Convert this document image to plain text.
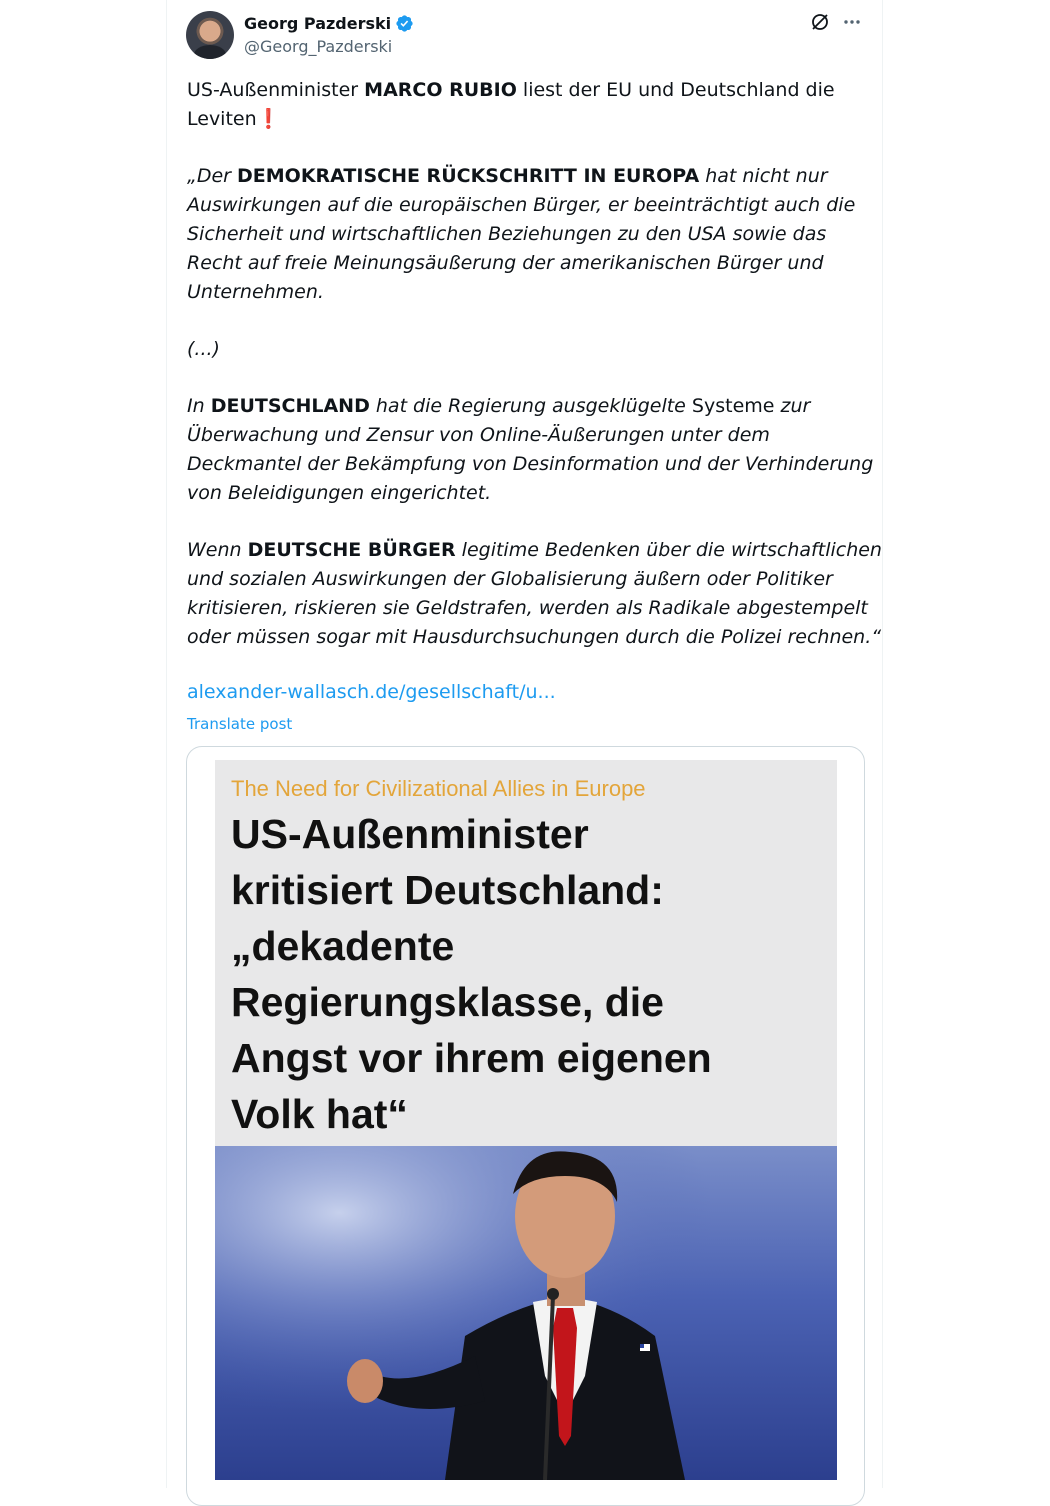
Georg Pazderski
@Georg_Pazderski

US-Außenminister MARCO RUBIO liest der EU und Deutschland die
Leviten❗

„Der DEMOKRATISCHE RÜCKSCHRITT IN EUROPA hat nicht nur
Auswirkungen auf die europäischen Bürger, er beeinträchtigt auch die
Sicherheit und wirtschaftlichen Beziehungen zu den USA sowie das
Recht auf freie Meinungsäußerung der amerikanischen Bürger und
Unternehmen.

(...)

In DEUTSCHLAND hat die Regierung ausgeklügelte Systeme zur
Überwachung und Zensur von Online-Äußerungen unter dem
Deckmantel der Bekämpfung von Desinformation und der Verhinderung
von Beleidigungen eingerichtet.

Wenn DEUTSCHE BÜRGER legitime Bedenken über die wirtschaftlichen
und sozialen Auswirkungen der Globalisierung äußern oder Politiker
kritisieren, riskieren sie Geldstrafen, werden als Radikale abgestempelt
oder müssen sogar mit Hausdurchsuchungen durch die Polizei rechnen.“

alexander-wallasch.de/gesellschaft/u...
Translate post
The Need for Civilizational Allies in Europe
US-Außenminister
kritisiert Deutschland:
„dekadente
Regierungsklasse, die
Angst vor ihrem eigenen
Volk hat“
